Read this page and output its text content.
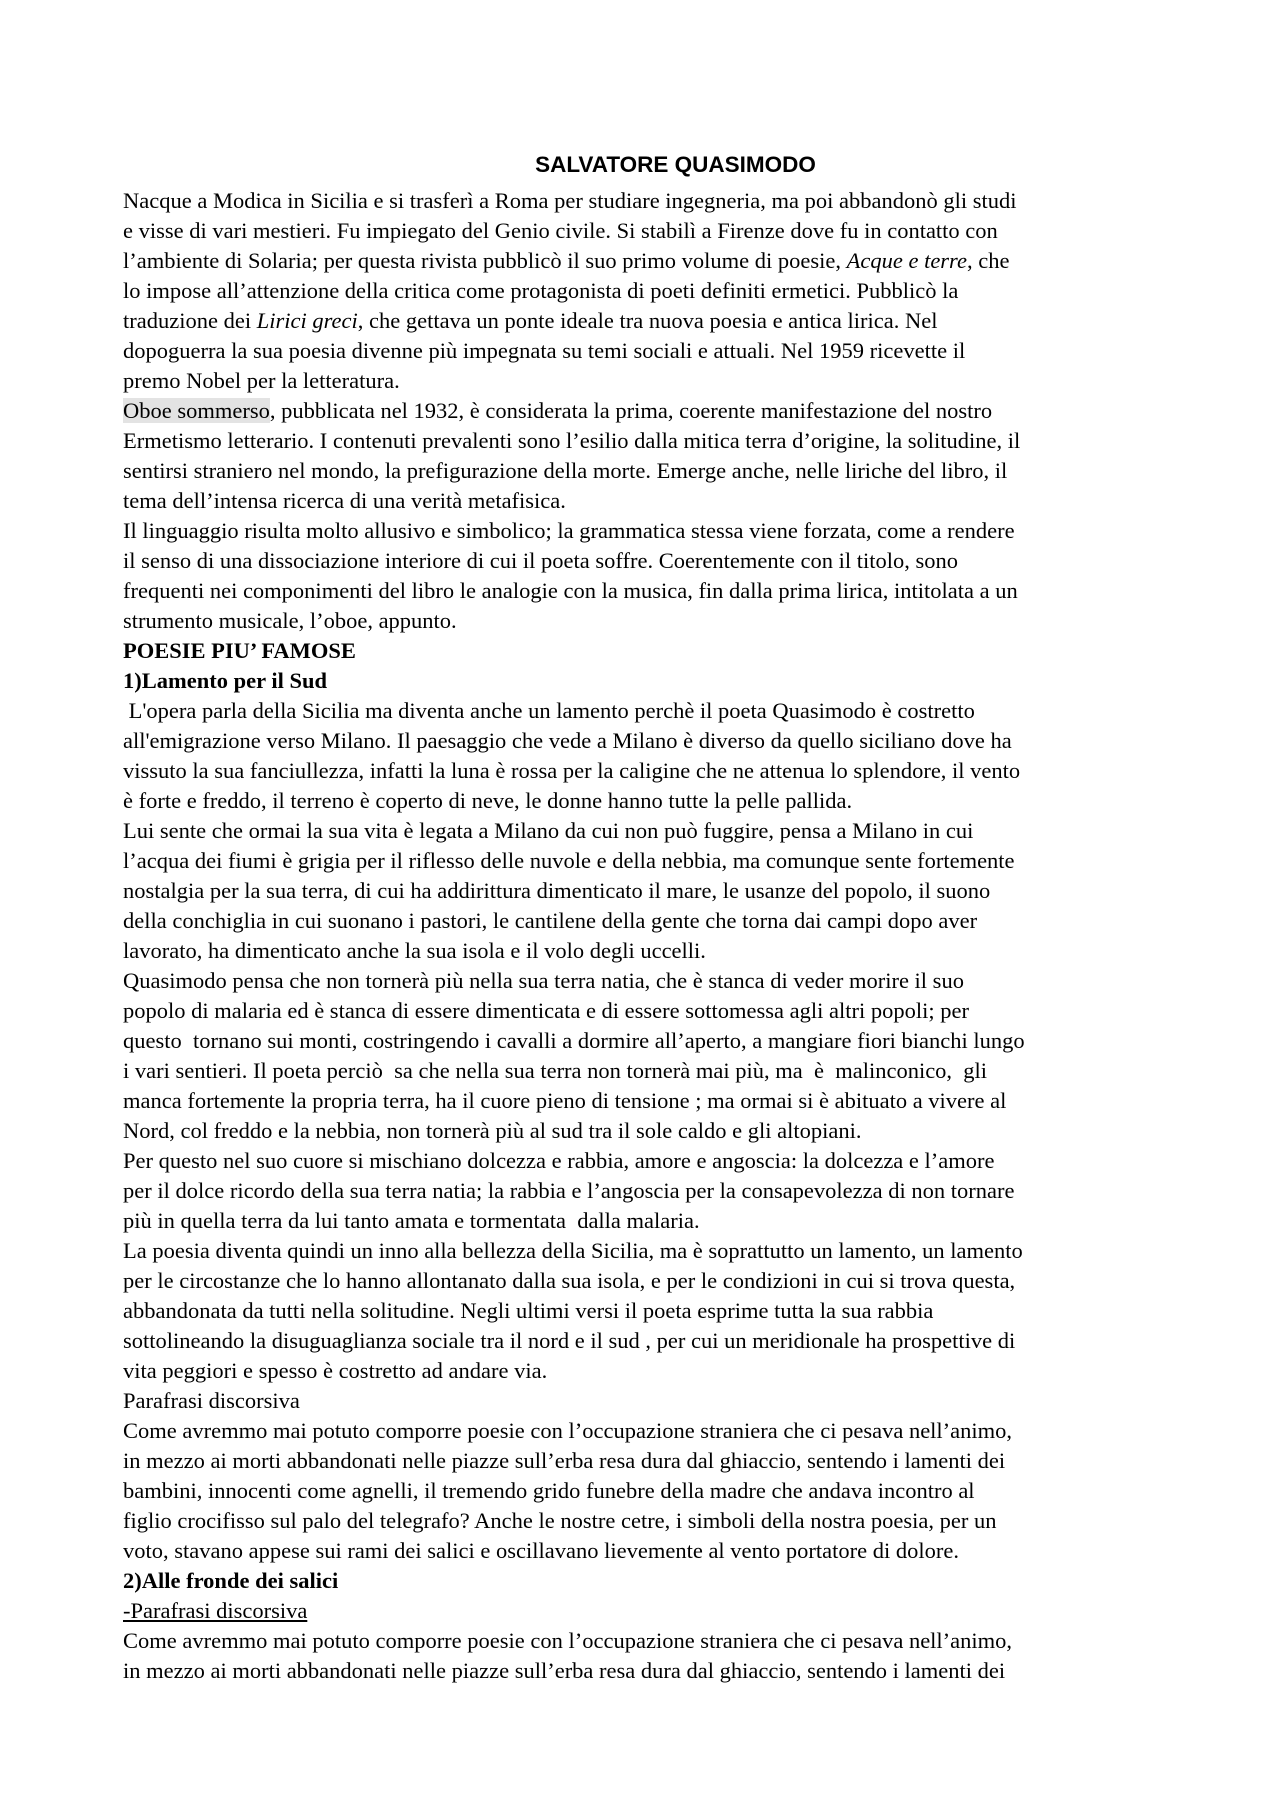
SALVATORE QUASIMODO
Nacque a Modica in Sicilia e si trasferì a Roma per studiare ingegneria, ma poi abbandonò gli studi
e visse di vari mestieri. Fu impiegato del Genio civile. Si stabilì a Firenze dove fu in contatto con
l’ambiente di Solaria; per questa rivista pubblicò il suo primo volume di poesie, Acque e terre, che
lo impose all’attenzione della critica come protagonista di poeti definiti ermetici. Pubblicò la
traduzione dei Lirici greci, che gettava un ponte ideale tra nuova poesia e antica lirica. Nel
dopoguerra la sua poesia divenne più impegnata su temi sociali e attuali. Nel 1959 ricevette il
premo Nobel per la letteratura.
Oboe sommerso, pubblicata nel 1932, è considerata la prima, coerente manifestazione del nostro
Ermetismo letterario. I contenuti prevalenti sono l’esilio dalla mitica terra d’origine, la solitudine, il
sentirsi straniero nel mondo, la prefigurazione della morte. Emerge anche, nelle liriche del libro, il
tema dell’intensa ricerca di una verità metafisica.
Il linguaggio risulta molto allusivo e simbolico; la grammatica stessa viene forzata, come a rendere
il senso di una dissociazione interiore di cui il poeta soffre. Coerentemente con il titolo, sono
frequenti nei componimenti del libro le analogie con la musica, fin dalla prima lirica, intitolata a un
strumento musicale, l’oboe, appunto.
POESIE PIU’ FAMOSE
1)Lamento per il Sud
L'opera parla della Sicilia ma diventa anche un lamento perchè il poeta Quasimodo è costretto
all'emigrazione verso Milano. Il paesaggio che vede a Milano è diverso da quello siciliano dove ha
vissuto la sua fanciullezza, infatti la luna è rossa per la caligine che ne attenua lo splendore, il vento
è forte e freddo, il terreno è coperto di neve, le donne hanno tutte la pelle pallida.
Lui sente che ormai la sua vita è legata a Milano da cui non può fuggire, pensa a Milano in cui
l’acqua dei fiumi è grigia per il riflesso delle nuvole e della nebbia, ma comunque sente fortemente
nostalgia per la sua terra, di cui ha addirittura dimenticato il mare, le usanze del popolo, il suono
della conchiglia in cui suonano i pastori, le cantilene della gente che torna dai campi dopo aver
lavorato, ha dimenticato anche la sua isola e il volo degli uccelli.
Quasimodo pensa che non tornerà più nella sua terra natia, che è stanca di veder morire il suo
popolo di malaria ed è stanca di essere dimenticata e di essere sottomessa agli altri popoli; per
questo  tornano sui monti, costringendo i cavalli a dormire all’aperto, a mangiare fiori bianchi lungo
i vari sentieri. Il poeta perciò  sa che nella sua terra non tornerà mai più, ma  è  malinconico,  gli
manca fortemente la propria terra, ha il cuore pieno di tensione ; ma ormai si è abituato a vivere al
Nord, col freddo e la nebbia, non tornerà più al sud tra il sole caldo e gli altopiani.
Per questo nel suo cuore si mischiano dolcezza e rabbia, amore e angoscia: la dolcezza e l’amore
per il dolce ricordo della sua terra natia; la rabbia e l’angoscia per la consapevolezza di non tornare
più in quella terra da lui tanto amata e tormentata  dalla malaria.
La poesia diventa quindi un inno alla bellezza della Sicilia, ma è soprattutto un lamento, un lamento
per le circostanze che lo hanno allontanato dalla sua isola, e per le condizioni in cui si trova questa,
abbandonata da tutti nella solitudine. Negli ultimi versi il poeta esprime tutta la sua rabbia
sottolineando la disuguaglianza sociale tra il nord e il sud , per cui un meridionale ha prospettive di
vita peggiori e spesso è costretto ad andare via.
Parafrasi discorsiva
Come avremmo mai potuto comporre poesie con l’occupazione straniera che ci pesava nell’animo,
in mezzo ai morti abbandonati nelle piazze sull’erba resa dura dal ghiaccio, sentendo i lamenti dei
bambini, innocenti come agnelli, il tremendo grido funebre della madre che andava incontro al
figlio crocifisso sul palo del telegrafo? Anche le nostre cetre, i simboli della nostra poesia, per un
voto, stavano appese sui rami dei salici e oscillavano lievemente al vento portatore di dolore.
2)Alle fronde dei salici
-Parafrasi discorsiva
Come avremmo mai potuto comporre poesie con l’occupazione straniera che ci pesava nell’animo,
in mezzo ai morti abbandonati nelle piazze sull’erba resa dura dal ghiaccio, sentendo i lamenti dei
